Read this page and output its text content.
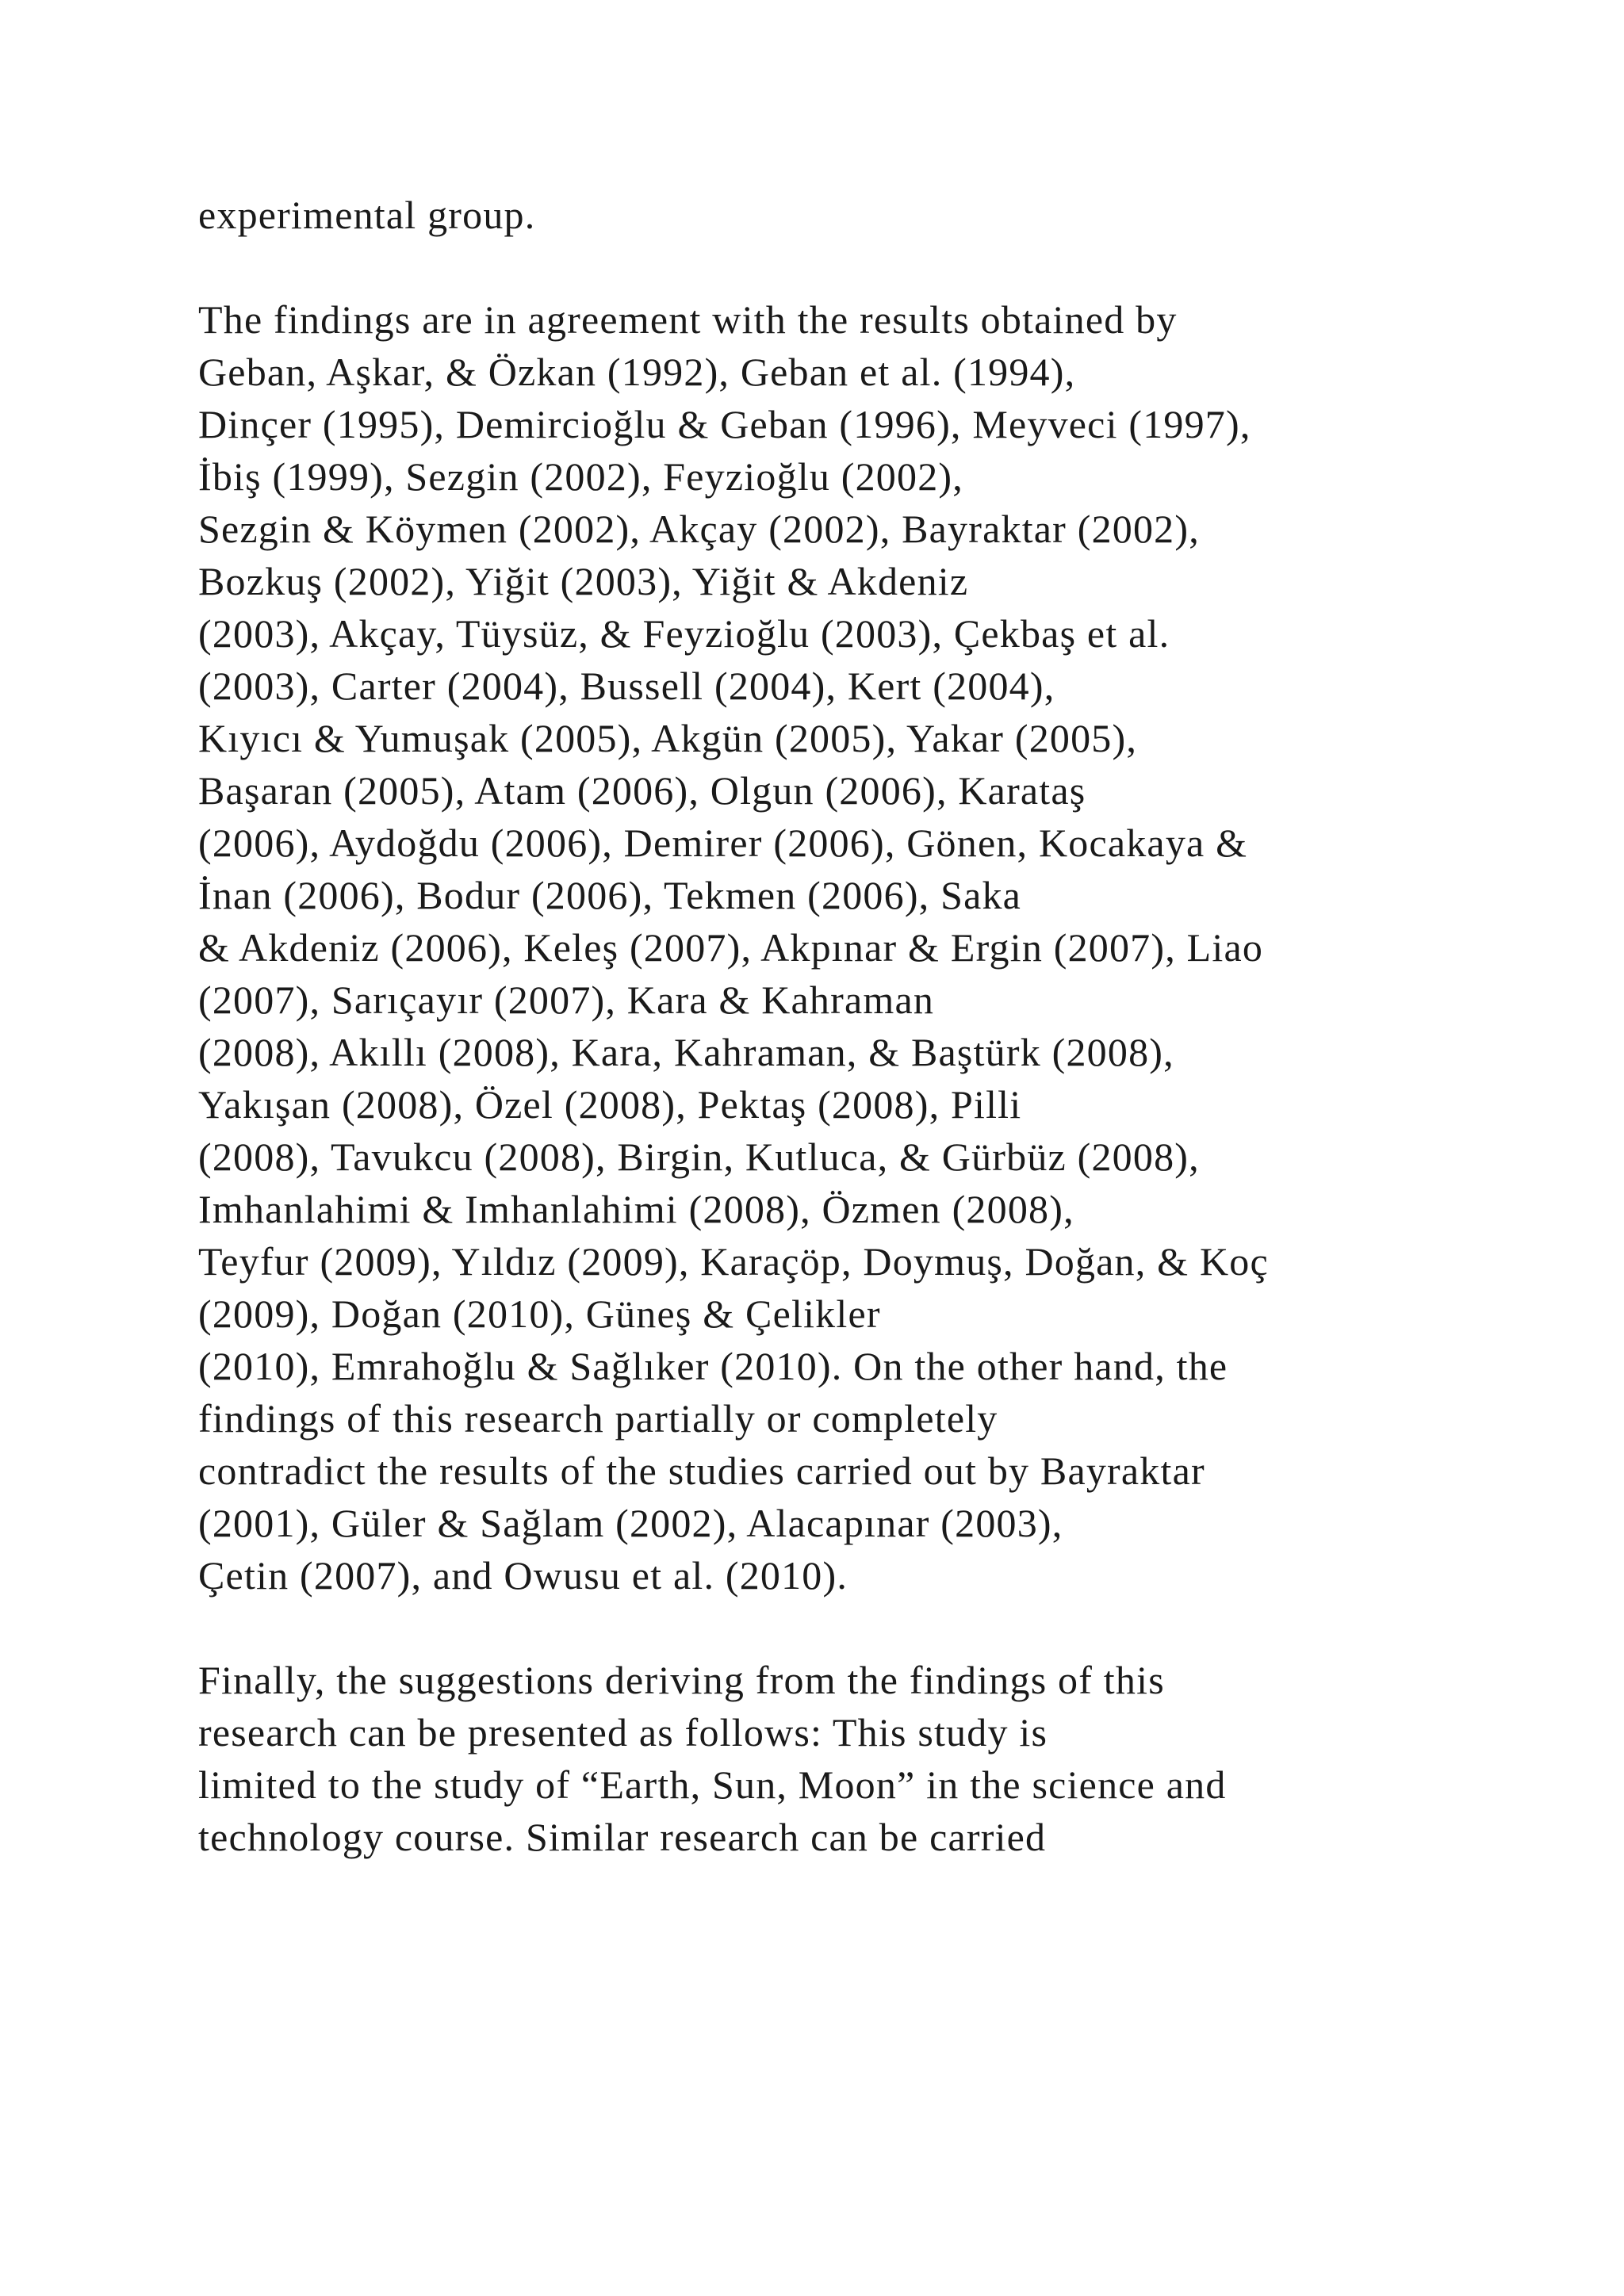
experimental group.
The findings are in agreement with the results obtained by
Geban, Aşkar, & Özkan (1992), Geban et al. (1994),
Dinçer (1995), Demircioğlu & Geban (1996), Meyveci (1997),
İbiş (1999), Sezgin (2002), Feyzioğlu (2002),
Sezgin & Köymen (2002), Akçay (2002), Bayraktar (2002),
Bozkuş (2002), Yiğit (2003), Yiğit & Akdeniz
(2003), Akçay, Tüysüz, & Feyzioğlu (2003), Çekbaş et al.
(2003), Carter (2004), Bussell (2004), Kert (2004),
Kıyıcı & Yumuşak (2005), Akgün (2005), Yakar (2005),
Başaran (2005), Atam (2006), Olgun (2006), Karataş
(2006), Aydoğdu (2006), Demirer (2006), Gönen, Kocakaya &
İnan (2006), Bodur (2006), Tekmen (2006), Saka
& Akdeniz (2006), Keleş (2007), Akpınar & Ergin (2007), Liao
(2007), Sarıçayır (2007), Kara & Kahraman
(2008), Akıllı (2008), Kara, Kahraman, & Baştürk (2008),
Yakışan (2008), Özel (2008), Pektaş (2008), Pilli
(2008), Tavukcu (2008), Birgin, Kutluca, & Gürbüz (2008),
Imhanlahimi & Imhanlahimi (2008), Özmen (2008),
Teyfur (2009), Yıldız (2009), Karaçöp, Doymuş, Doğan, & Koç
(2009), Doğan (2010), Güneş & Çelikler
(2010), Emrahoğlu & Sağlıker (2010). On the other hand, the
findings of this research partially or completely
contradict the results of the studies carried out by Bayraktar
(2001), Güler & Sağlam (2002), Alacapınar (2003),
Çetin (2007), and Owusu et al. (2010).
Finally, the suggestions deriving from the findings of this
research can be presented as follows: This study is
limited to the study of “Earth, Sun, Moon” in the science and
technology course. Similar research can be carried
